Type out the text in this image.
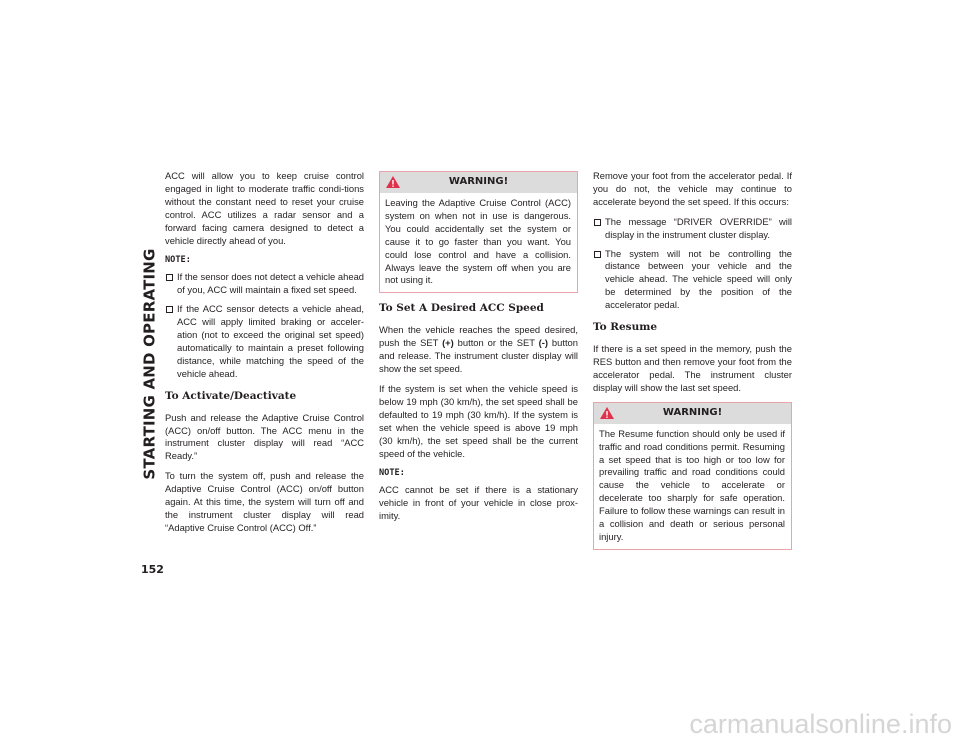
STARTING AND OPERATING
152

ACC will allow you to keep cruise control engaged in light to moderate traffic condi-tions without the constant need to reset your cruise control. ACC utilizes a radar sensor and a forward facing camera designed to detect a vehicle directly ahead of you.

NOTE:
If the sensor does not detect a vehicle ahead of you, ACC will maintain a fixed set speed.
If the ACC sensor detects a vehicle ahead, ACC will apply limited braking or acceler-ation (not to exceed the original set speed) automatically to maintain a preset following distance, while matching the speed of the vehicle ahead.
To Activate/Deactivate

Push and release the Adaptive Cruise Control (ACC) on/off button. The ACC menu in the instrument cluster display will read “ACC Ready.”

To turn the system off, push and release the Adaptive Cruise Control (ACC) on/off button again. At this time, the system will turn off and the instrument cluster display will read “Adaptive Cruise Control (ACC) Off.”

WARNING!
Leaving the Adaptive Cruise Control (ACC) system on when not in use is dangerous. You could accidentally set the system or cause it to go faster than you want. You could lose control and have a collision. Always leave the system off when you are not using it.
To Set A Desired ACC Speed

When the vehicle reaches the speed desired, push the SET (+) button or the SET (-) button and release. The instrument cluster display will show the set speed.

If the system is set when the vehicle speed is below 19 mph (30 km/h), the set speed shall be defaulted to 19 mph (30 km/h). If the system is set when the vehicle speed is above 19 mph (30 km/h), the set speed shall be the current speed of the vehicle.

NOTE:

ACC cannot be set if there is a stationary vehicle in front of your vehicle in close prox-imity.

Remove your foot from the accelerator pedal. If you do not, the vehicle may continue to accelerate beyond the set speed. If this occurs:

The message “DRIVER OVERRIDE” will display in the instrument cluster display.
The system will not be controlling the distance between your vehicle and the vehicle ahead. The vehicle speed will only be determined by the position of the accelerator pedal.
To Resume

If there is a set speed in the memory, push the RES button and then remove your foot from the accelerator pedal. The instrument cluster display will show the last set speed.

WARNING!
The Resume function should only be used if traffic and road conditions permit. Resuming a set speed that is too high or too low for prevailing traffic and road conditions could cause the vehicle to accelerate or decelerate too sharply for safe operation. Failure to follow these warnings can result in a collision and death or serious personal injury.
carmanualsonline.info
